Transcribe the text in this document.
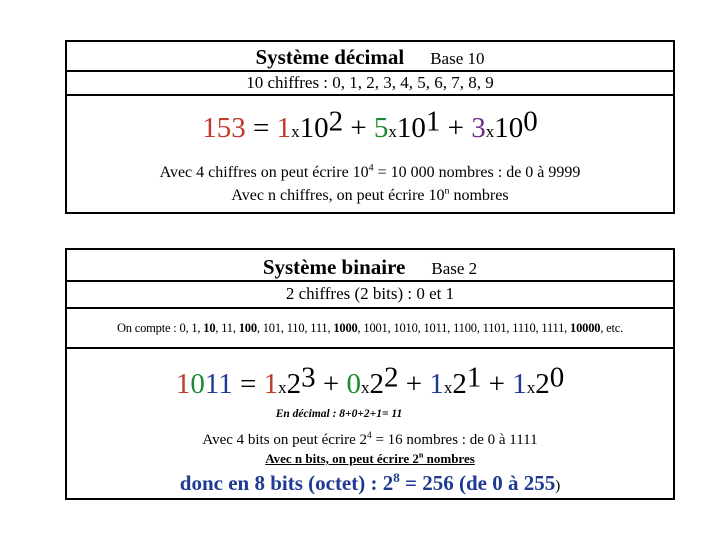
Système décimal Base 10
10 chiffres : 0, 1, 2, 3, 4, 5, 6, 7, 8, 9
$153 = 1x10^2 + 5x10^1 + 3x10^0$
Avec 4 chiffres on peut écrire $10^4 = 10$ 000 nombres : de 0 à 9999
Avec n chiffres, on peut écrire 10$^n$ nombres
Système binaire Base 2
2 chiffres (2 bits) : 0 et 1
On compte : 0, 1, 10, 11, 100, 101, 110, 111, 1000, 1001, 1010, 1011, 1100, 1101, 1110, 1111, 10000, etc.
$1011 = 1x2^3 + 0x2^2 + 1x2^1 + 1x2^0$
En décimal : 8+0+2+1= 11
Avec 4 bits on peut écrire $2^4 = 16$ nombres : de 0 à 1111
Avec n bits, on peut écrire 2$^n$ nombres
donc en 8 bits (octet) : $2^8 = 256$ (de 0 à 255)
